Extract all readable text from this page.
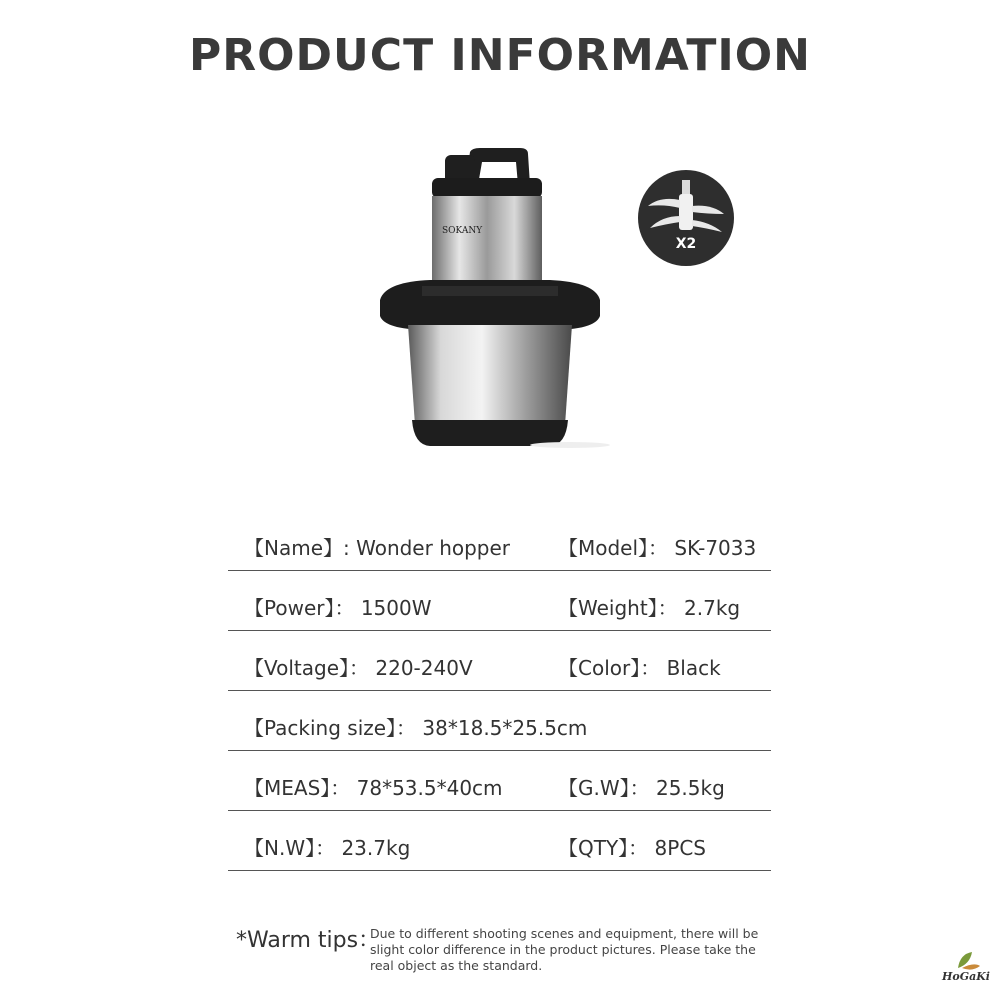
PRODUCT INFORMATION
SOKANY
X2
【Name】: Wonder hopper 【Model】： SK-7033
【Power】： 1500W	【Weight】： 2.7kg
【Voltage】： 220-240V	【Color】： Black
【Packing size】： 38*18.5*25.5cm
【MEAS】： 78*53.5*40cm	【G.W】： 25.5kg
【N.W】： 23.7kg	【QTY】： 8PCS
*Warm tips：
Due to different shooting scenes and equipment, there will be slight color difference in the product pictures. Please take the real object as the standard.
HoGaKi
